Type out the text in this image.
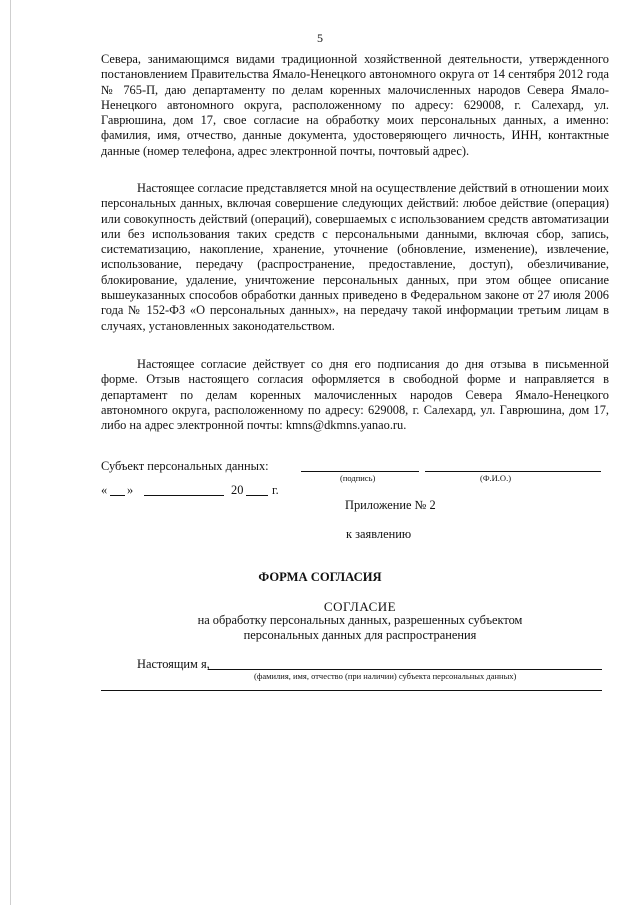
5

Севера, занимающимся видами традиционной хозяйственной деятельности, утвержденного постановлением Правительства Ямало-Ненецкого автономного округа от 14 сентября 2012 года № 765-П, даю департаменту по делам коренных малочисленных народов Севера Ямало-Ненецкого автономного округа, расположенному по адресу: 629008, г. Салехард, ул. Гаврюшина, дом 17, свое согласие на обработку моих персональных данных, а именно: фамилия, имя, отчество, данные документа, удостоверяющего личность, ИНН, контактные данные (номер телефона, адрес электронной почты, почтовый адрес).

Настоящее согласие представляется мной на осуществление действий в отношении моих персональных данных, включая совершение следующих действий: любое действие (операция) или совокупность действий (операций), совершаемых с использованием средств автоматизации или без использования таких средств с персональными данными, включая сбор, запись, систематизацию, накопление, хранение, уточнение (обновление, изменение), извлечение, использование, передачу (распространение, предоставление, доступ), обезличивание, блокирование, удаление, уничтожение персональных данных, при этом общее описание вышеуказанных способов обработки данных приведено в Федеральном законе от 27 июля 2006 года № 152-ФЗ «О персональных данных», на передачу такой информации третьим лицам в случаях, установленных законодательством.

Настоящее согласие действует со дня его подписания до дня отзыва в письменной форме. Отзыв настоящего согласия оформляется в свободной форме и направляется в департамент по делам коренных малочисленных народов Севера Ямало-Ненецкого автономного округа, расположенному по адресу: 629008, г. Салехард, ул. Гаврюшина, дом 17, либо на адрес электронной почты: kmns@dkmns.yanao.ru.

Субъект персональных данных:
(подпись)	(Ф.И.О.)
« »	20 г.
Приложение № 2
к заявлению
ФОРМА СОГЛАСИЯ
СОГЛАСИЕ
на обработку персональных данных, разрешенных субъектом
персональных данных для распространения
Настоящим я,
(фамилия, имя, отчество (при наличии) субъекта персональных данных)
